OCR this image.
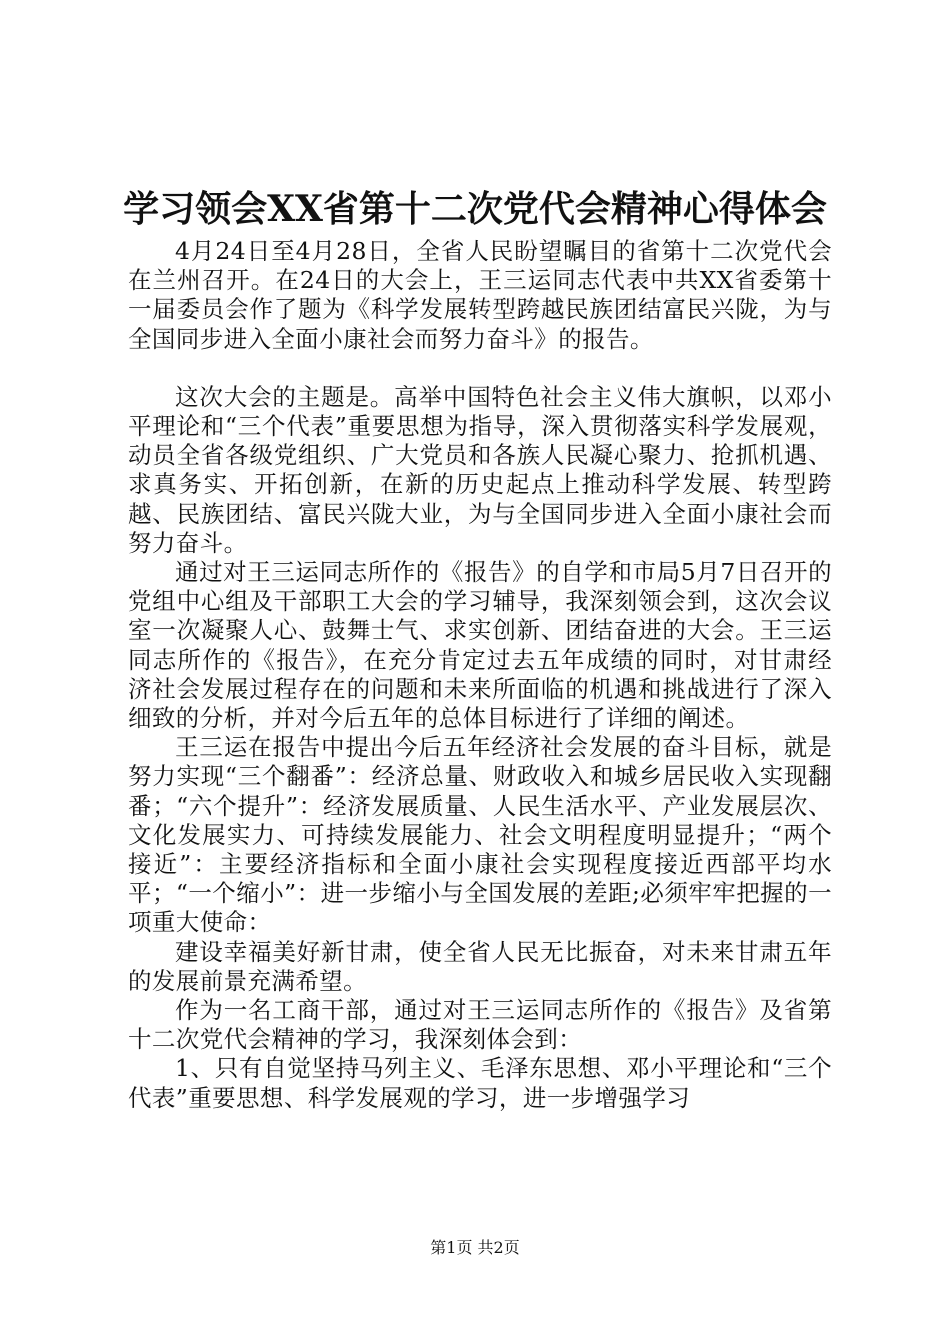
学习领会XX省第十二次党代会精神心得体会

4月24日至4月28日，全省人民盼望瞩目的省第十二次党代会在兰州召开。在24日的大会上，王三运同志代表中共XX省委第十一届委员会作了题为《科学发展转型跨越民族团结富民兴陇，为与全国同步进入全面小康社会而努力奋斗》的报告。

这次大会的主题是。高举中国特色社会主义伟大旗帜，以邓小平理论和“三个代表”重要思想为指导，深入贯彻落实科学发展观，动员全省各级党组织、广大党员和各族人民凝心聚力、抢抓机遇、求真务实、开拓创新，在新的历史起点上推动科学发展、转型跨越、民族团结、富民兴陇大业，为与全国同步进入全面小康社会而努力奋斗。

通过对王三运同志所作的《报告》的自学和市局5月7日召开的党组中心组及干部职工大会的学习辅导，我深刻领会到，这次会议室一次凝聚人心、鼓舞士气、求实创新、团结奋进的大会。王三运同志所作的《报告》，在充分肯定过去五年成绩的同时，对甘肃经济社会发展过程存在的问题和未来所面临的机遇和挑战进行了深入细致的分析，并对今后五年的总体目标进行了详细的阐述。

王三运在报告中提出今后五年经济社会发展的奋斗目标，就是努力实现“三个翻番”：经济总量、财政收入和城乡居民收入实现翻番；“六个提升”：经济发展质量、人民生活水平、产业发展层次、文化发展实力、可持续发展能力、社会文明程度明显提升；“两个接近”：主要经济指标和全面小康社会实现程度接近西部平均水平；“一个缩小”：进一步缩小与全国发展的差距;必须牢牢把握的一项重大使命：

建设幸福美好新甘肃，使全省人民无比振奋，对未来甘肃五年的发展前景充满希望。

作为一名工商干部，通过对王三运同志所作的《报告》及省第十二次党代会精神的学习，我深刻体会到：

1、只有自觉坚持马列主义、毛泽东思想、邓小平理论和“三个代表”重要思想、科学发展观的学习，进一步增强学习

第1页 共2页
